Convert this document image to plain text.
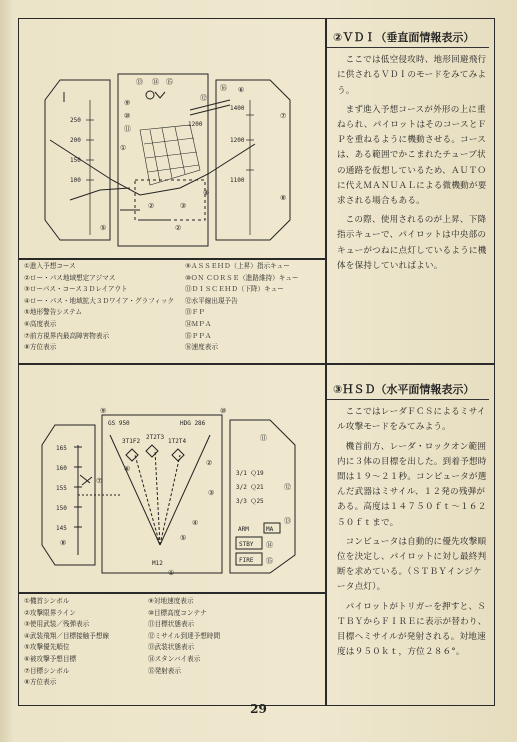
250
200
150
100
1400
1200
1100
1200
⑬ ⑭ ⑮
⑯
⑨
⑩
⑪
⑫
⑥
⑦
⑧
①
②	③
④
⑤	②
①進入予想コース
②ロー・パス地域想定アジマス
③ローパス・コース３Ｄレイアウト
④ロー・パス・地域拡大３Ｄワイア・グラフィック
⑤地形警告システム
⑥高度表示
⑦前方視界内最高障害物表示
⑧方位表示
⑨ＡＳＳＥＨＤ（上昇）指示キュー
⑩ＯＮ ＣＯＲＳＥ（進路維持）キュー
⑪ＤＩＳＣＥＨＤ（下降）キュー
⑫水平線出現予告
⑬ＦＰ
⑭ＭＰＡ
⑮ＰＰＡ
⑯速度表示
②ＶＤＩ（垂直面情報表示）

ここでは低空侵攻時、地形回避飛行に供されるＶＤＩのモードをみてみよう。

まず進入予想コースが外形の上に重ねられ、パイロットはそのコースとＦＰを重ねるように機動させる。コースは、ある範囲でかこまれたチューブ状の通路を仮想しているため、ＡＵＴＯに代えＭＡＮＵＡＬによる微機動が要求される場合もある。

この際、使用されるのが上昇、下降指示キューで、パイロットは中央部のキューがつねに点灯しているように機体を保持していればよい。

GS 950	HDG 286
165
160
155
150
145
3T1F2
2T2T3
1T2T4
M12
3/1 Ｑ19
3/2 Ｑ21
3/3 Ｑ25
ARM	MA
STBY
FIRE
⑨	⑩
⑪
⑫
⑬
⑭
⑮
⑥
⑦
①
②
③
④
⑤
⑧
①機首シンボル
②攻撃限界ライン
③使用武装／残弾表示
④武装飛翔／目標接触予想線
⑤攻撃優先順位
⑥被攻撃予想目標
⑦目標シンボル
⑧方位表示
⑨対地速度表示
⑩目標高度コンテナ
⑪目標状態表示
⑫ミサイル到達予想時間
⑬武装状態表示
⑭スタンバイ表示
⑮発射表示
③ＨＳＤ（水平面情報表示）

ここではレーダＦＣＳによるミサイル攻撃モードをみてみよう。

機首前方、レーダ・ロックオン範囲内に３体の目標を出した。到着予想時間は１９～２１秒。コンピュータが選んだ武器はミサイル、１２発の残弾がある。高度は１４７５０ｆｔ～１６２５０ｆｔまで。

コンピュータは自動的に優先攻撃順位を決定し、パイロットに対し最終判断を求めている。（ＳＴＢＹインジケータ点灯）。

パイロットがトリガーを押すと、ＳＴＢＹからＦＩＲＥに表示が替わり、目標へミサイルが発射される。対地速度は９５０ｋｔ，方位２８６°。

29
